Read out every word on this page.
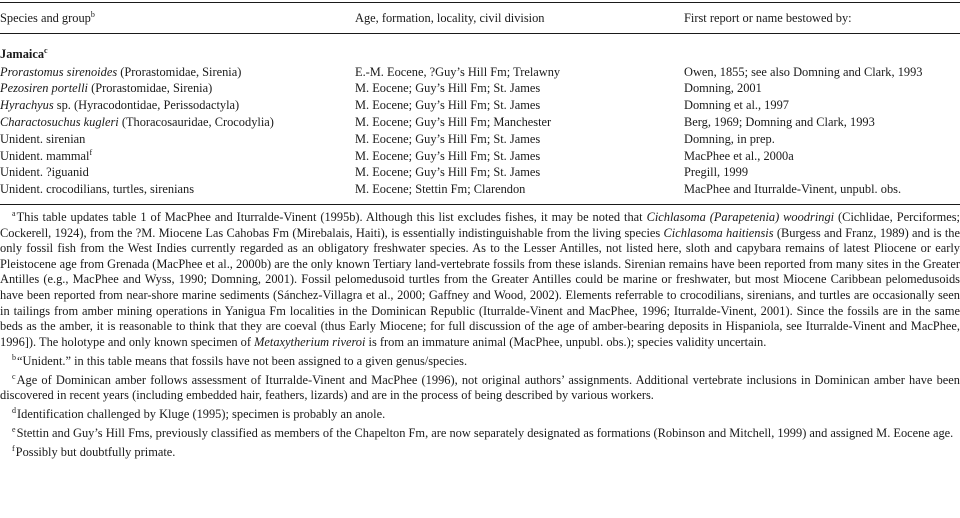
Species and group$^b$	Age, formation, locality, civil division	First report or name bestowed by:
Jamaica$^c$
Prorastomus sirenoides (Prorastomidae, Sirenia)	E.-M. Eocene, ?Guy’s Hill Fm; Trelawny	Owen, 1855; see also Domning and Clark, 1993
Pezosiren portelli (Prorastomidae, Sirenia)	M. Eocene; Guy’s Hill Fm; St. James	Domning, 2001
Hyrachyus sp. (Hyracodontidae, Perissodactyla)	M. Eocene; Guy’s Hill Fm; St. James	Domning et al., 1997
Charactosuchus kugleri (Thoracosauridae, Crocodylia)	M. Eocene; Guy’s Hill Fm; Manchester	Berg, 1969; Domning and Clark, 1993
Unident. sirenian	M. Eocene; Guy’s Hill Fm; St. James	Domning, in prep.
Unident. mammal$^f$	M. Eocene; Guy’s Hill Fm; St. James	MacPhee et al., 2000a
Unident. ?iguanid	M. Eocene; Guy’s Hill Fm; St. James	Pregill, 1999
Unident. crocodilians, turtles, sirenians	M. Eocene; Stettin Fm; Clarendon	MacPhee and Iturralde-Vinent, unpubl. obs.

$^a$This table updates table 1 of MacPhee and Iturralde-Vinent (1995b). Although this list excludes fishes, it may be noted that Cichlasoma (Parapetenia) woodringi (Cichlidae, Perciformes; Cockerell, 1924), from the ?M. Miocene Las Cahobas Fm (Mirebalais, Haiti), is essentially indistinguishable from the living species Cichlasoma haitiensis (Burgess and Franz, 1989) and is the only fossil fish from the West Indies currently regarded as an obligatory freshwater species. As to the Lesser Antilles, not listed here, sloth and capybara remains of latest Pliocene or early Pleistocene age from Grenada (MacPhee et al., 2000b) are the only known Tertiary land-vertebrate fossils from these islands. Sirenian remains have been reported from many sites in the Greater Antilles (e.g., MacPhee and Wyss, 1990; Domning, 2001). Fossil pelomedusoid turtles from the Greater Antilles could be marine or freshwater, but most Miocene Caribbean pelomedusoids have been reported from near-shore marine sediments (Sánchez-Villagra et al., 2000; Gaffney and Wood, 2002). Elements referrable to crocodilians, sirenians, and turtles are occasionally seen in tailings from amber mining operations in Yanigua Fm localities in the Dominican Republic (Iturralde-Vinent and MacPhee, 1996; Iturralde-Vinent, 2001). Since the fossils are in the same beds as the amber, it is reasonable to think that they are coeval (thus Early Miocene; for full discussion of the age of amber-bearing deposits in Hispaniola, see Iturralde-Vinent and MacPhee, 1996]). The holotype and only known specimen of Metaxytherium riveroi is from an immature animal (MacPhee, unpubl. obs.); species validity uncertain.

$^b$“Unident.” in this table means that fossils have not been assigned to a given genus/species.

$^c$Age of Dominican amber follows assessment of Iturralde-Vinent and MacPhee (1996), not original authors’ assignments. Additional vertebrate inclusions in Dominican amber have been discovered in recent years (including embedded hair, feathers, lizards) and are in the process of being described by various workers.

$^d$Identification challenged by Kluge (1995); specimen is probably an anole.

$^e$Stettin and Guy’s Hill Fms, previously classified as members of the Chapelton Fm, are now separately designated as formations (Robinson and Mitchell, 1999) and assigned M. Eocene age.

$^f$Possibly but doubtfully primate.
